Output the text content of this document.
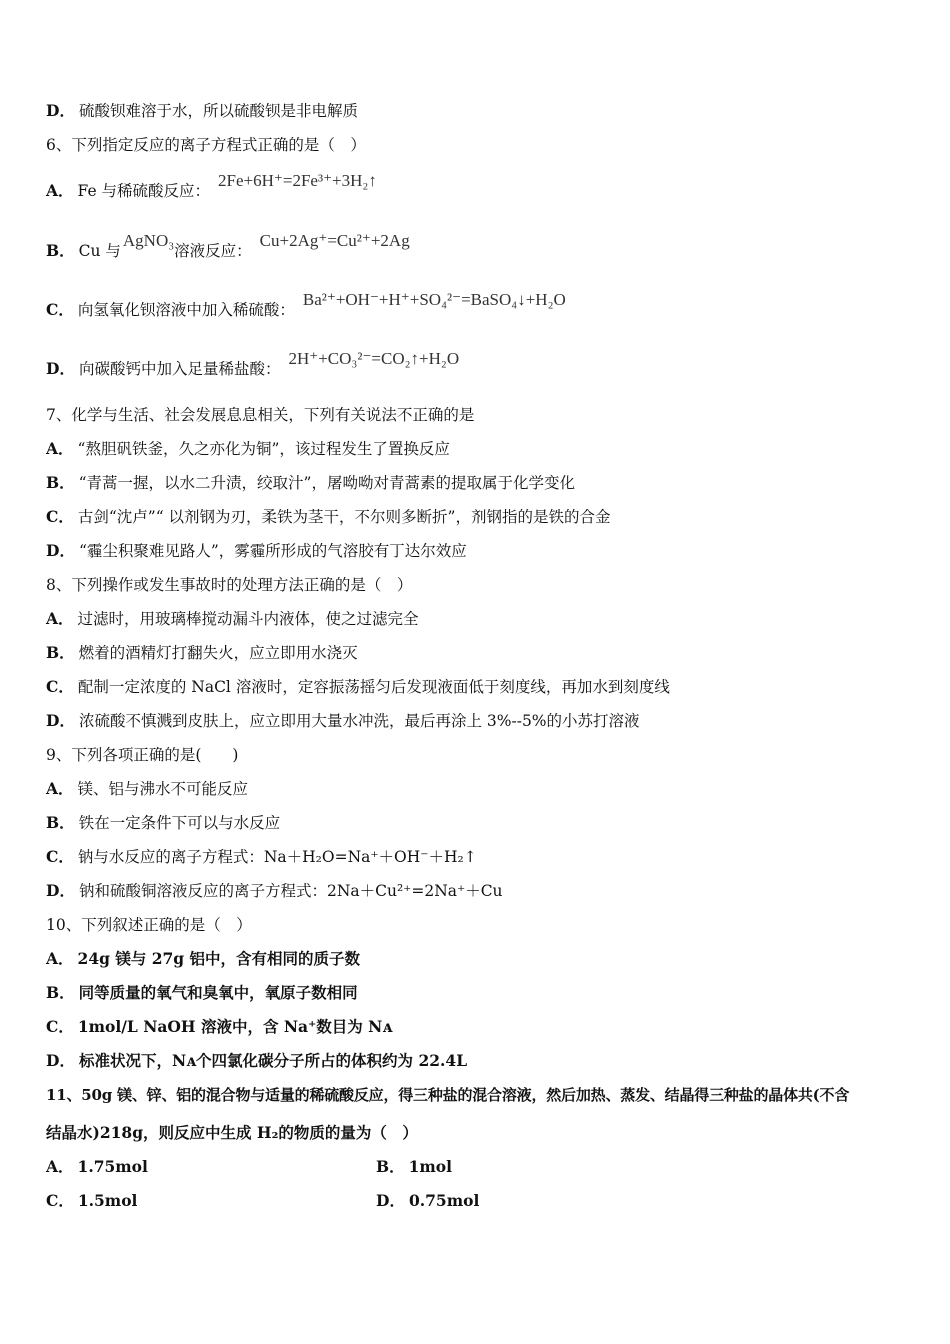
D． 硫酸钡难溶于水，所以硫酸钡是非电解质
6、下列指定反应的离子方程式正确的是（　）
A． Fe 与稀硫酸反应：2Fe+6H⁺=2Fe³⁺+3H₂↑
B． Cu 与AgNO₃溶液反应：Cu+2Ag⁺=Cu²⁺+2Ag
C． 向氢氧化钡溶液中加入稀硫酸：Ba²⁺+OH⁻+H⁺+SO₄²⁻=BaSO₄↓+H₂O
D． 向碳酸钙中加入足量稀盐酸：2H⁺+CO₃²⁻=CO₂↑+H₂O
7、化学与生活、社会发展息息相关，下列有关说法不正确的是
A． “熬胆矾铁釜，久之亦化为铜”，该过程发生了置换反应
B． “青蒿一握，以水二升渍，绞取汁”，屠呦呦对青蒿素的提取属于化学变化
C． 古剑“沈卢”“ 以剂钢为刃，柔铁为茎干，不尔则多断折”，剂钢指的是铁的合金
D． “霾尘积聚难见路人”，雾霾所形成的气溶胶有丁达尔效应
8、下列操作或发生事故时的处理方法正确的是（　）
A． 过滤时，用玻璃棒搅动漏斗内液体，使之过滤完全
B． 燃着的酒精灯打翻失火，应立即用水浇灭
C． 配制一定浓度的 NaCl 溶液时，定容振荡摇匀后发现液面低于刻度线，再加水到刻度线
D． 浓硫酸不慎溅到皮肤上，应立即用大量水冲洗，最后再涂上 3%--5%的小苏打溶液
9、下列各项正确的是(　　)
A． 镁、铝与沸水不可能反应
B． 铁在一定条件下可以与水反应
C． 钠与水反应的离子方程式：Na＋H₂O=Na⁺＋OH⁻＋H₂↑
D． 钠和硫酸铜溶液反应的离子方程式：2Na＋Cu²⁺=2Na⁺＋Cu
10、下列叙述正确的是（　）
A． 24g 镁与 27g 铝中，含有相同的质子数
B． 同等质量的氧气和臭氧中，氧原子数相同
C． 1mol/L NaOH 溶液中，含 Na⁺数目为 Nᴀ
D． 标准状况下，Nᴀ个四氯化碳分子所占的体积约为 22.4L
11、50g 镁、锌、铝的混合物与适量的稀硫酸反应，得三种盐的混合溶液，然后加热、蒸发、结晶得三种盐的晶体共(不含
结晶水)218g，则反应中生成 H₂的物质的量为（　）
A． 1.75mol	B． 1mol
C． 1.5mol	D． 0.75mol
